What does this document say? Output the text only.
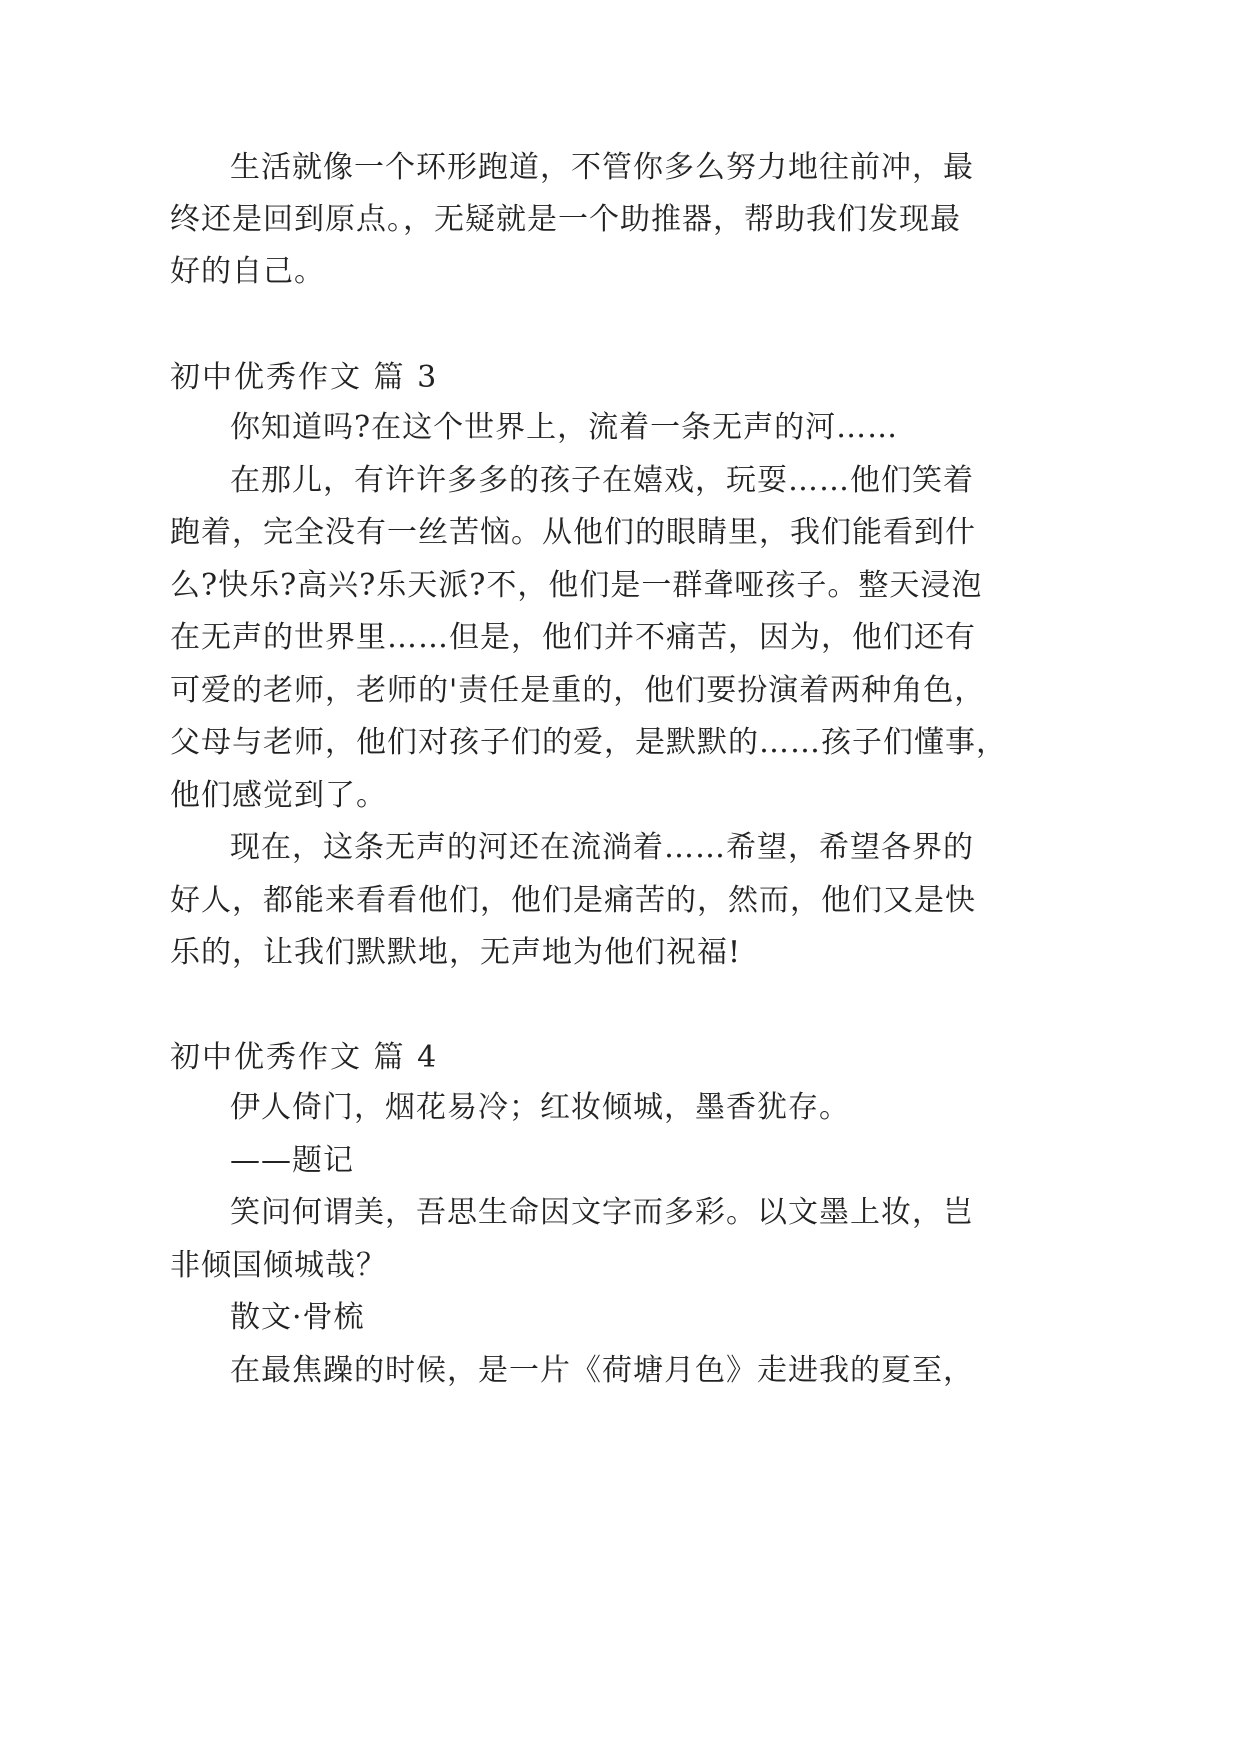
生活就像一个环形跑道，不管你多么努力地往前冲，最
终还是回到原点。，无疑就是一个助推器，帮助我们发现最
好的自己。
初中优秀作文 篇 3
你知道吗?在这个世界上，流着一条无声的河……
在那儿，有许许多多的孩子在嬉戏，玩耍……他们笑着
跑着，完全没有一丝苦恼。从他们的眼睛里，我们能看到什
么?快乐?高兴?乐天派?不，他们是一群聋哑孩子。整天浸泡
在无声的世界里……但是，他们并不痛苦，因为，他们还有
可爱的老师，老师的'责任是重的，他们要扮演着两种角色，
父母与老师，他们对孩子们的爱，是默默的……孩子们懂事，
他们感觉到了。
现在，这条无声的河还在流淌着……希望，希望各界的
好人，都能来看看他们，他们是痛苦的，然而，他们又是快
乐的，让我们默默地，无声地为他们祝福!
初中优秀作文 篇 4
伊人倚门，烟花易冷；红妆倾城，墨香犹存。
——题记
笑问何谓美，吾思生命因文字而多彩。以文墨上妆，岂
非倾国倾城哉？
散文·骨梳
在最焦躁的时候，是一片《荷塘月色》走进我的夏至，
